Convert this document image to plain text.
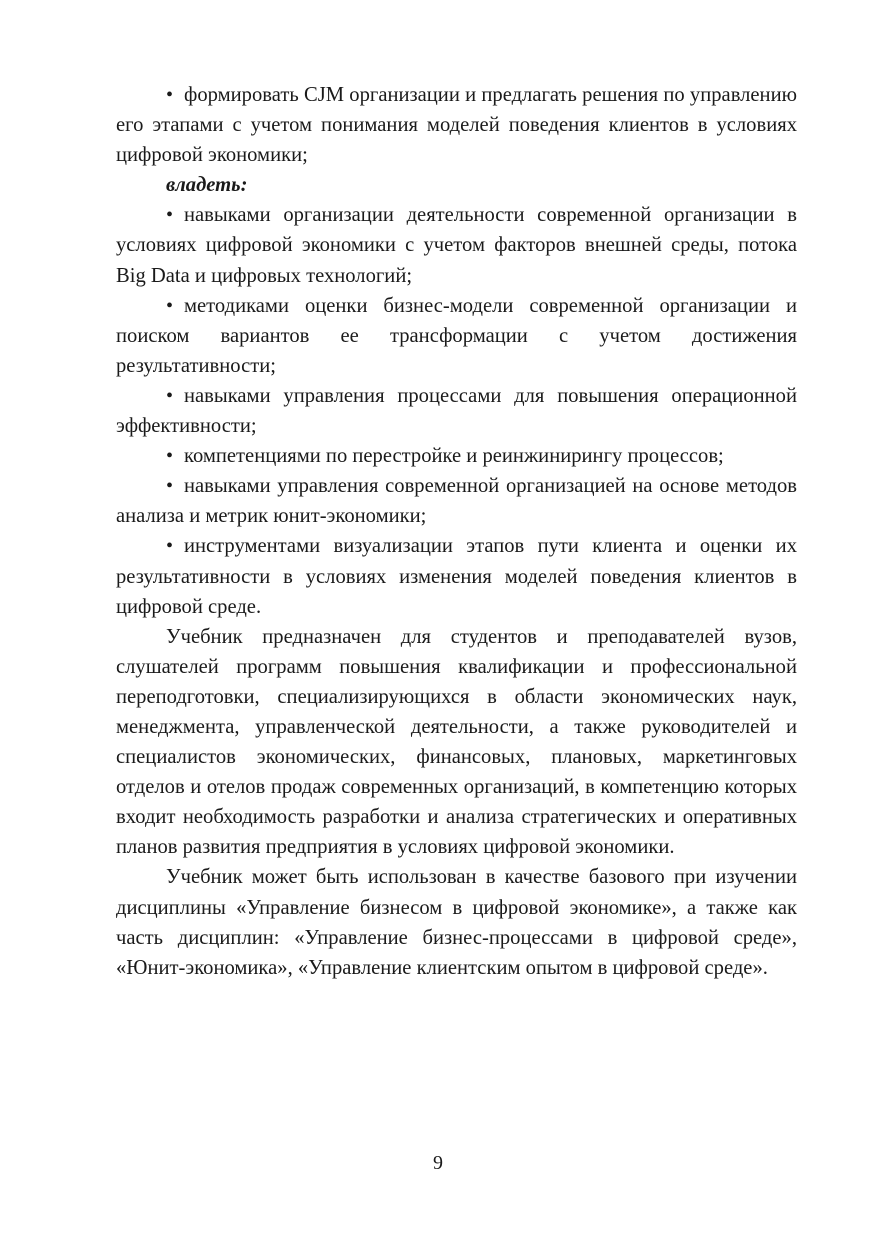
• формировать CJM организации и предлагать решения по управлению его этапами с учетом понимания моделей поведения клиентов в условиях цифровой экономики;

владеть:

• навыками организации деятельности современной организации в условиях цифровой экономики с учетом факторов внешней среды, потока Big Data и цифровых технологий;

• методиками оценки бизнес-модели современной организации и поиском вариантов ее трансформации с учетом достижения результативности;

• навыками управления процессами для повышения операционной эффективности;

• компетенциями по перестройке и реинжинирингу процессов;

• навыками управления современной организацией на основе методов анализа и метрик юнит-экономики;

• инструментами визуализации этапов пути клиента и оценки их результативности в условиях изменения моделей поведения клиентов в цифровой среде.

Учебник предназначен для студентов и преподавателей вузов, слушателей программ повышения квалификации и профессиональной переподготовки, специализирующихся в области экономических наук, менеджмента, управленческой деятельности, а также руководителей и специалистов экономических, финансовых, плановых, маркетинговых отделов и отелов продаж современных организаций, в компетенцию которых входит необходимость разработки и анализа стратегических и оперативных планов развития предприятия в условиях цифровой экономики.

Учебник может быть использован в качестве базового при изучении дисциплины «Управление бизнесом в цифровой экономике», а также как часть дисциплин: «Управление бизнес-процессами в цифровой среде», «Юнит-экономика», «Управление клиентским опытом в цифровой среде».

9
